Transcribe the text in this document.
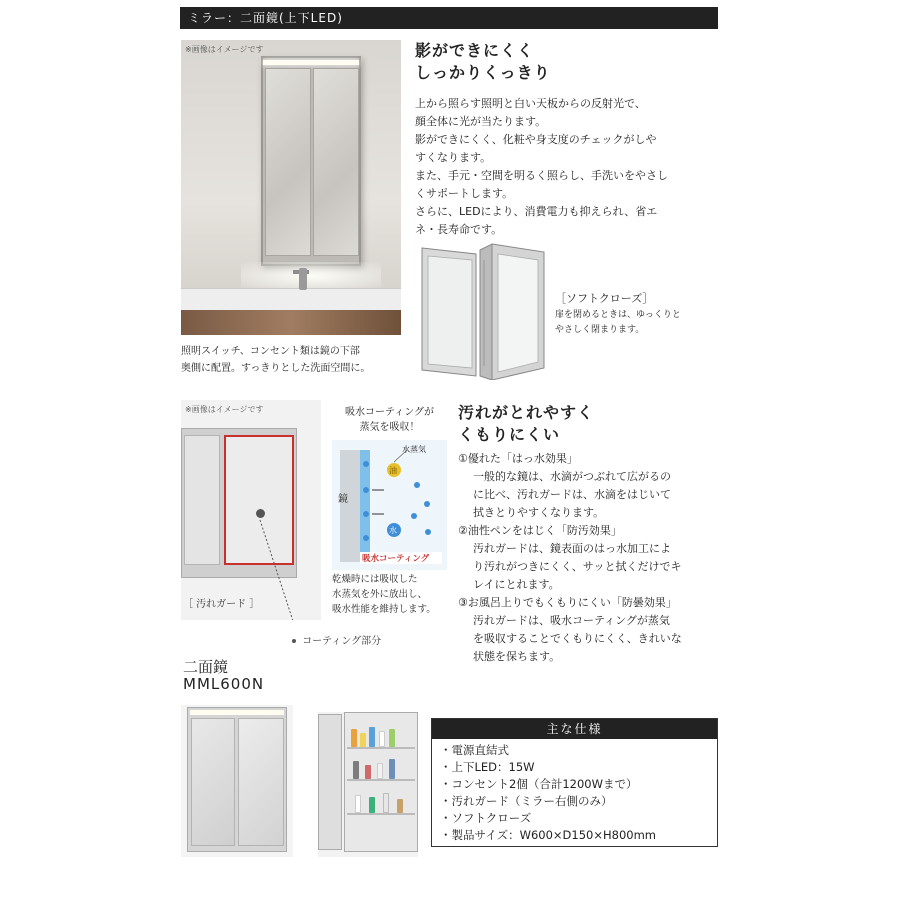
ミラー：二面鏡(上下LED)
※画像はイメージです	影ができにくく
しっかりくっきり
上から照らす照明と白い天板からの反射光で、
顔全体に光が当たります。
影ができにくく、化粧や身支度のチェックがしや
すくなります。
また、手元・空間を明るく照らし、手洗いをやさし
くサポートします。
さらに、LEDにより、消費電力も抑えられ、省エ
ネ・長寿命です。
［ソフトクローズ］
扉を閉めるときは、ゆっくりと
やさしく閉まります。
照明スイッチ、コンセント類は鏡の下部
奥側に配置。すっきりとした洗面空間に。
※画像はイメージです
［ 汚れガード ］
コーティング部分
吸水コーティングが
蒸気を吸収！
鏡
水蒸気
油
水
吸水コーティング
乾燥時には吸収した
水蒸気を外に放出し、
吸水性能を維持します。
汚れがとれやすく
くもりにくい
①優れた「はっ水効果」
一般的な鏡は、水滴がつぶれて広がるの
に比べ、汚れガードは、水滴をはじいて
拭きとりやすくなります。
②油性ペンをはじく「防汚効果」
汚れガードは、鏡表面のはっ水加工によ
り汚れがつきにくく、サッと拭くだけでキ
レイにとれます。
③お風呂上りでもくもりにくい「防曇効果」
汚れガードは、吸水コーティングが蒸気
を吸収することでくもりにくく、きれいな
状態を保ちます。
二面鏡
MML600N
主な仕様
・電源直結式
・上下LED：15W
・コンセント2個（合計1200Wまで）
・汚れガード（ミラー右側のみ）
・ソフトクローズ
・製品サイズ：W600×D150×H800mm
